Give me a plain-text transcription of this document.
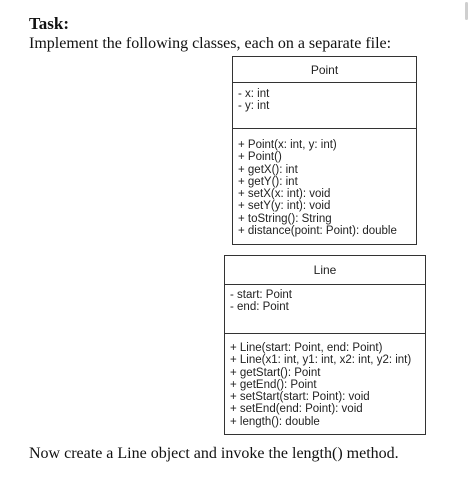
Task:
Implement the following classes, each on a separate file:
Point
- x: int
- y: int
+ Point(x: int, y: int)
+ Point()
+ getX(): int
+ getY(): int
+ setX(x: int): void
+ setY(y: int): void
+ toString(): String
+ distance(point: Point): double
Line
- start: Point
- end: Point
+ Line(start: Point, end: Point)
+ Line(x1: int, y1: int, x2: int, y2: int)
+ getStart(): Point
+ getEnd(): Point
+ setStart(start: Point): void
+ setEnd(end: Point): void
+ length(): double
Now create a Line object and invoke the length() method.
